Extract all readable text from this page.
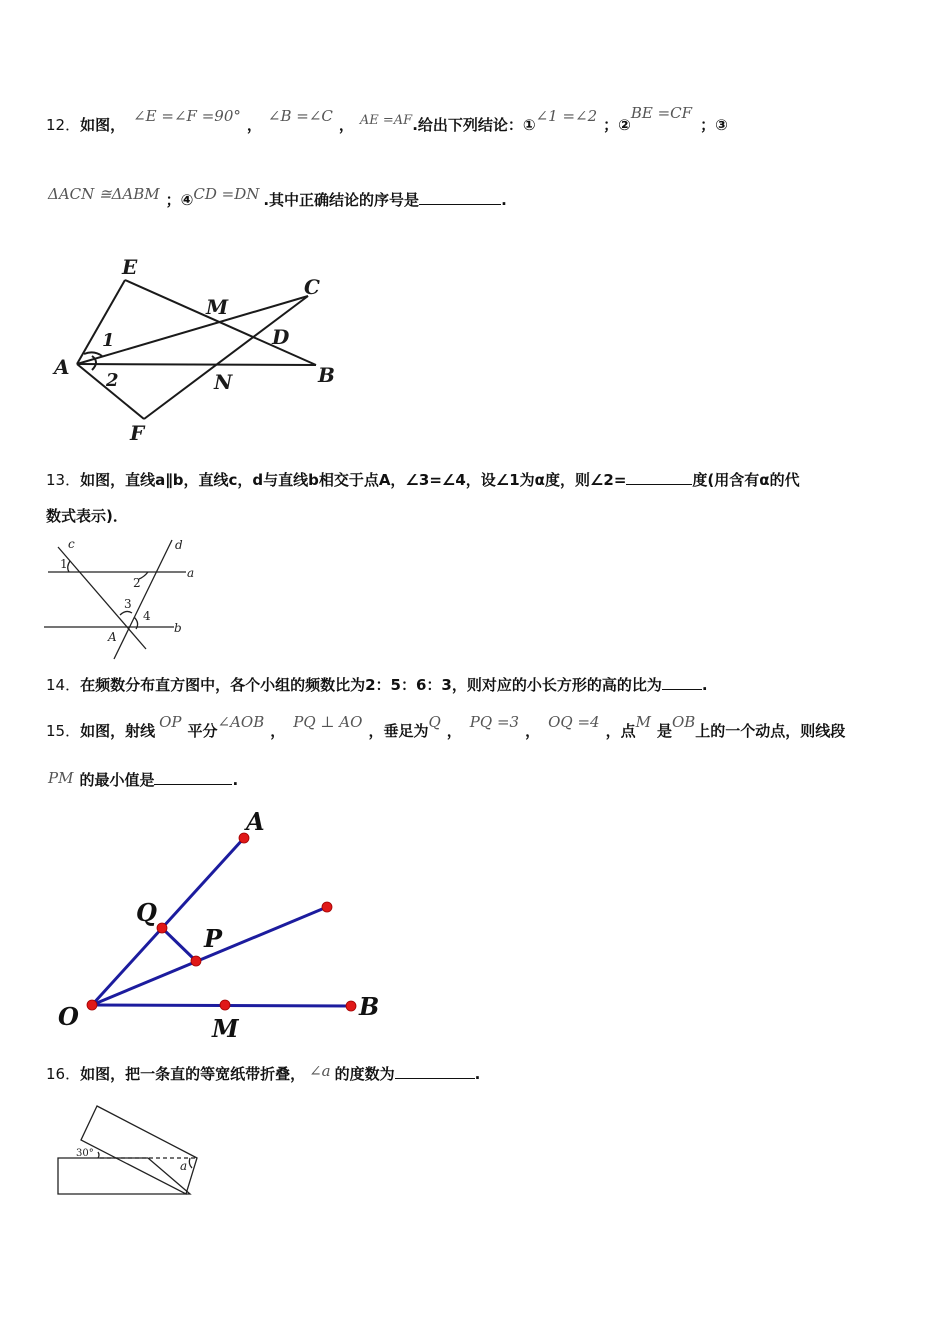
12．如图， ∠E =∠F =90° ， ∠B =∠C ， AE =AF.给出下列结论：①∠1 =∠2 ；②BE =CF；③
ΔACN ≅ΔABM ；④CD =DN .其中正确结论的序号是	.
E
C
M
D
1
A
2	N	B
F
13．如图，直线a∥b，直线c，d与直线b相交于点A，∠3=∠4，设∠1为α度，则∠2=	度(用含有α的代
数式表示)．
c	d
1
2
a
3
4
b
A
14．在频数分布直方图中，各个小组的频数比为2：5：6：3，则对应的小长方形的高的比为	.
15．如图，射线 OP 平分∠AOB ， PQ ⊥ AO ，垂足为Q ， PQ =3 ， OQ =4 ，点M 是OB上的一个动点，则线段
PM 的最小值是	.
A
Q
P
O	M
B
16．如图，把一条直的等宽纸带折叠， ∠a 的度数为	.
30°
a
